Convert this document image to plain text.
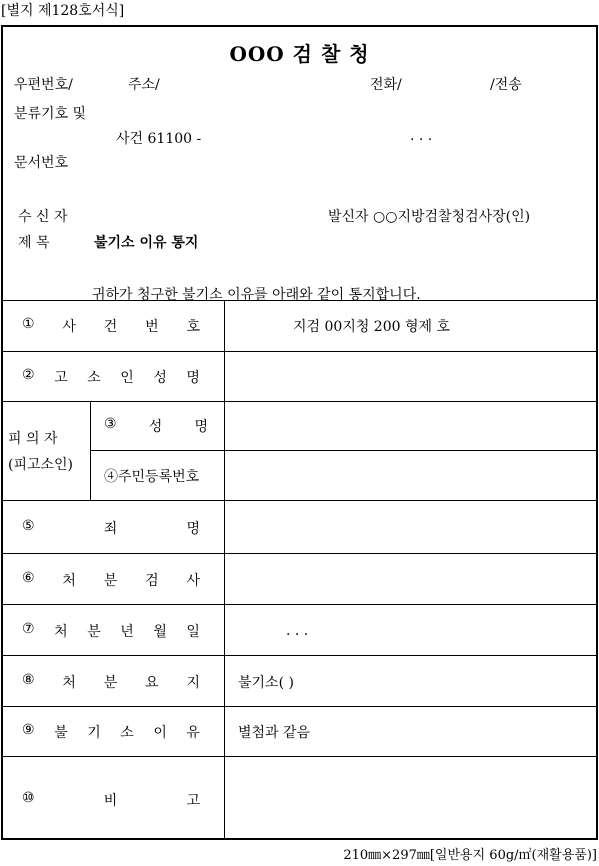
[별지 제128호서식]
OOO 검 찰 청
우편번호/	주소/	전화/	/전송
분류기호 및
사건 61100 -	. . .
문서번호
수 신 자	발신자 ○○지방검찰청검사장(인)
제 목	불기소 이유 통지
귀하가 청구한 불기소 이유를 아래와 같이 통지합니다.
① 사 건 번 호	지검 00지청 200 형제 호
② 고 소 인 성 명
피 의 자
(피고소인)
③ 성 명
④주민등록번호
⑤	죄	명
⑥ 처 분 검 사
⑦ 처 분 년 월 일	. . .
⑧ 처 분 요 지	불기소( )
⑨ 불 기 소 이 유	별첨과 같음
⑩	비	고
210㎜×297㎜[일반용지 60g/㎡(재활용품)]
